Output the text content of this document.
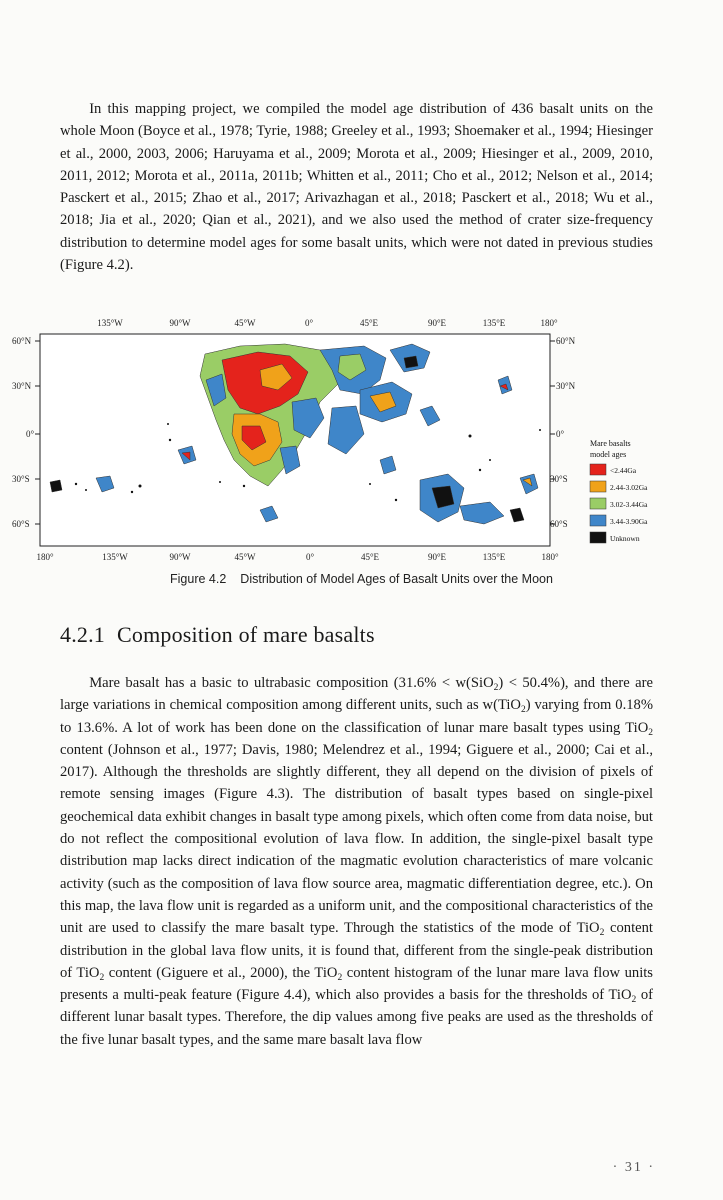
In this mapping project, we compiled the model age distribution of 436 basalt units on the whole Moon (Boyce et al., 1978; Tyrie, 1988; Greeley et al., 1993; Shoemaker et al., 1994; Hiesinger et al., 2000, 2003, 2006; Haruyama et al., 2009; Morota et al., 2009; Hiesinger et al., 2009, 2010, 2011, 2012; Morota et al., 2011a, 2011b; Whitten et al., 2011; Cho et al., 2012; Nelson et al., 2014; Pasckert et al., 2015; Zhao et al., 2017; Arivazhagan et al., 2018; Pasckert et al., 2018; Wu et al., 2018; Jia et al., 2020; Qian et al., 2021), and we also used the method of crater size-frequency distribution to determine model ages for some basalt units, which were not dated in previous studies (Figure 4.2).

135°W	90°W	45°W	0°	45°E	90°E	135°E	180°
180°	135°W	90°W	45°W	0°	45°E	90°E	135°E	180°
60°N
30°N
0°
30°S
60°S
60°N
30°N
0°
30°S
60°S
Mare basalts
model ages
<2.44Ga
2.44-3.02Ga
3.02-3.44Ga
3.44-3.90Ga
Unknown
Figure 4.2 Distribution of Model Ages of Basalt Units over the Moon
4.2.1 Composition of mare basalts

  Mare basalt has a basic to ultrabasic composition (31.6% < w(SiO$_2$) < 50.4%), and there are large variations in chemical composition among different units, such as w(TiO$_2$) varying from 0.18% to 13.6%. A lot of work has been done on the classification of lunar mare basalt types using TiO$_2$ content (Johnson et al., 1977; Davis, 1980; Melendrez et al., 1994; Giguere et al., 2000; Cai et al., 2017). Although the thresholds are slightly different, they all depend on the division of pixels of remote sensing images (Figure 4.3). The distribution of basalt types based on single-pixel geochemical data exhibit changes in basalt type among pixels, which often come from data noise, but do not reflect the compositional evolution of lava flow. In addition, the single-pixel basalt type distribution map lacks direct indication of the magmatic evolution characteristics of mare volcanic activity (such as the composition of lava flow source area, magmatic differentiation degree, etc.). On this map, the lava flow unit is regarded as a uniform unit, and the compositional characteristics of the unit are used to classify the mare basalt type. Through the statistics of the mode of TiO$_2$ content distribution in the global lava flow units, it is found that, different from the single-peak distribution of TiO$_2$ content (Giguere et al., 2000), the TiO$_2$ content histogram of the lunar mare lava flow units presents a multi-peak feature (Figure 4.4), which also provides a basis for the thresholds of TiO$_2$ of different lunar basalt types. Therefore, the dip values among five peaks are used as the thresholds of the five lunar basalt types, and the same mare basalt lava flow

· 31 ·
